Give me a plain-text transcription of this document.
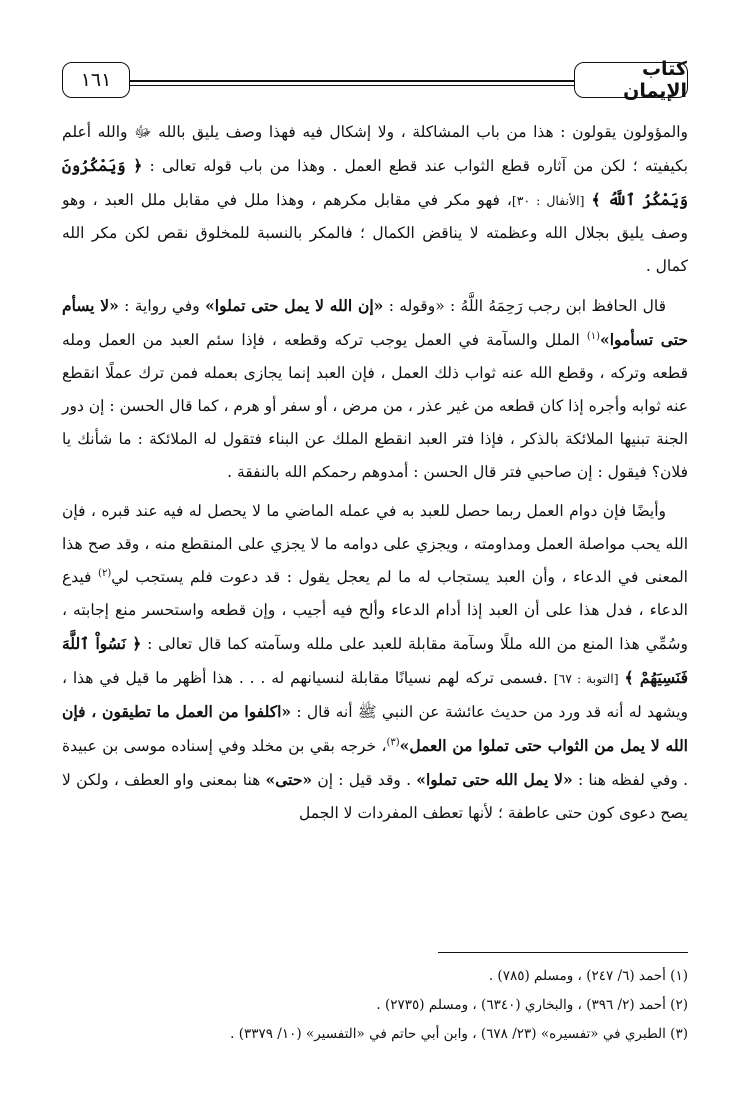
كتاب الإيمان
١٦١

والمؤولون يقولون : هذا من باب المشاكلة ، ولا إشكال فيه فهذا وصف يليق بالله ﷻ والله أعلم بكيفيته ؛ لكن من آثاره قطع الثواب عند قطع العمل . وهذا من باب قوله تعالى : ﴿ وَيَمْكُرُونَ وَيَمْكُرُ ٱللَّهُ ﴾ [الأنفال : ٣٠]، فهو مكر في مقابل مكرهم ، وهذا ملل في مقابل ملل العبد ، وهو وصف يليق بجلال الله وعظمته لا يناقض الكمال ؛ فالمكر بالنسبة للمخلوق نقص لكن مكر الله كمال .

قال الحافظ ابن رجب رَحِمَهُ اللَّهُ : «وقوله : «إن الله لا يمل حتى تملوا» وفي رواية : «لا يسأم حتى تسأموا»$^{(١)}$ الملل والسآمة في العمل يوجب تركه وقطعه ، فإذا سئم العبد من العمل ومله قطعه وتركه ، وقطع الله عنه ثواب ذلك العمل ، فإن العبد إنما يجازى بعمله فمن ترك عملًا انقطع عنه ثوابه وأجره إذا كان قطعه من غير عذر ، من مرض ، أو سفر أو هرم ، كما قال الحسن : إن دور الجنة تبنيها الملائكة بالذكر ، فإذا فتر العبد انقطع الملك عن البناء فتقول له الملائكة : ما شأنك يا فلان؟ فيقول : إن صاحبي فتر قال الحسن : أمدوهم رحمكم الله بالنفقة .

وأيضًا فإن دوام العمل ربما حصل للعبد به في عمله الماضي ما لا يحصل له فيه عند قبره ، فإن الله يحب مواصلة العمل ومداومته ، ويجزي على دوامه ما لا يجزي على المنقطع منه ، وقد صح هذا المعنى في الدعاء ، وأن العبد يستجاب له ما لم يعجل يقول : قد دعوت فلم يستجب لي$^{(٢)}$ فيدع الدعاء ، فدل هذا على أن العبد إذا أدام الدعاء وألح فيه أجيب ، وإن قطعه واستحسر منع إجابته ، وسُمِّي هذا المنع من الله مللًا وسآمة مقابلة للعبد على ملله وسآمته كما قال تعالى : ﴿ نَسُواْ ٱللَّهَ فَنَسِيَهُمْ ﴾ [التوبة : ٦٧] .فسمى تركه لهم نسيانًا مقابلة لنسيانهم له . . . هذا أظهر ما قيل في هذا ، ويشهد له أنه قد ورد من حديث عائشة عن النبي ﷺ أنه قال : «اكلفوا من العمل ما تطيقون ، فإن الله لا يمل من الثواب حتى تملوا من العمل»$^{(٣)}$، خرجه بقي بن مخلد وفي إسناده موسى بن عبيدة . وفي لفظه هنا : «لا يمل الله حتى تملوا» . وقد قيل : إن «حتى» هنا بمعنى واو العطف ، ولكن لا يصح دعوى كون حتى عاطفة ؛ لأنها تعطف المفردات لا الجمل

(١) أحمد (٦/ ٢٤٧) ، ومسلم (٧٨٥) .

(٢) أحمد (٢/ ٣٩٦) ، والبخاري (٦٣٤٠) ، ومسلم (٢٧٣٥) .

(٣) الطبري في «تفسيره» (٢٣/ ٦٧٨) ، وابن أبي حاتم في «التفسير» (١٠/ ٣٣٧٩) .
